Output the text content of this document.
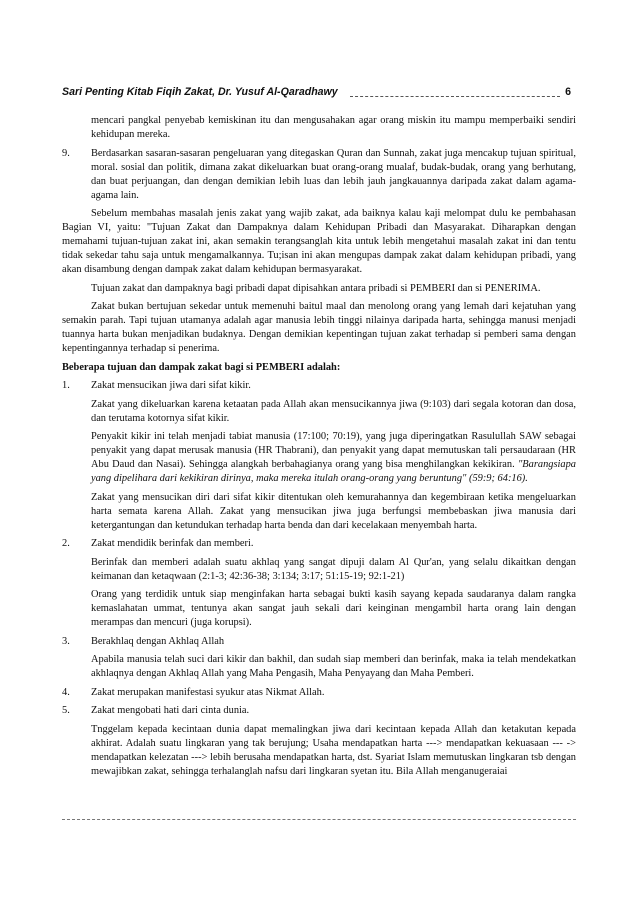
Sari Penting Kitab Fiqih Zakat, Dr. Yusuf Al-Qaradhawy	6

mencari pangkal penyebab kemiskinan itu dan mengusahakan agar orang miskin itu mampu memperbaiki sendiri kehidupan mereka.

9.	Berdasarkan sasaran-sasaran pengeluaran yang ditegaskan Quran dan Sunnah, zakat juga mencakup tujuan spiritual, moral. sosial dan politik, dimana zakat dikeluarkan buat orang-orang mualaf, budak-budak, orang yang berhutang, dan buat perjuangan, dan dengan demikian lebih luas dan lebih jauh jangkauannya daripada zakat dalam agama-agama lain.

Sebelum membahas masalah jenis zakat yang wajib zakat, ada baiknya kalau kaji melompat dulu ke pembahasan Bagian VI, yaitu: "Tujuan Zakat dan Dampaknya dalam Kehidupan Pribadi dan Masyarakat. Diharapkan dengan memahami tujuan-tujuan zakat ini, akan semakin terangsanglah kita untuk lebih mengetahui masalah zakat ini dan tentu tidak sekedar tahu saja untuk mengamalkannya. Tu;isan ini akan mengupas dampak zakat dalam kehidupan pribadi, yang akan disambung dengan dampak zakat dalam kehidupan bermasyarakat.

Tujuan zakat dan dampaknya bagi pribadi dapat dipisahkan antara pribadi si PEMBERI dan si PENERIMA.

Zakat bukan bertujuan sekedar untuk memenuhi baitul maal dan menolong orang yang lemah dari kejatuhan yang semakin parah. Tapi tujuan utamanya adalah agar manusia lebih tinggi nilainya daripada harta, sehingga manusi menjadi tuannya harta bukan menjadikan budaknya. Dengan demikian kepentingan tujuan zakat terhadap si pemberi sama dengan kepentingannya terhadap si penerima.

Beberapa tujuan dan dampak zakat bagi si PEMBERI adalah:

1.	Zakat mensucikan jiwa dari sifat kikir.

Zakat yang dikeluarkan karena ketaatan pada Allah akan mensucikannya jiwa (9:103) dari segala kotoran dan dosa, dan terutama kotornya sifat kikir.

Penyakit kikir ini telah menjadi tabiat manusia (17:100; 70:19), yang juga diperingatkan Rasulullah SAW sebagai penyakit yang dapat merusak manusia (HR Thabrani), dan penyakit yang dapat memutuskan tali persaudaraan (HR Abu Daud dan Nasai). Sehingga alangkah berbahagianya orang yang bisa menghilangkan kekikiran. "Barangsiapa yang dipelihara dari kekikiran dirinya, maka mereka itulah orang-orang yang beruntung" (59:9; 64:16).

Zakat yang mensucikan diri dari sifat kikir ditentukan oleh kemurahannya dan kegembiraan ketika mengeluarkan harta semata karena Allah. Zakat yang mensucikan jiwa juga berfungsi membebaskan jiwa manusia dari ketergantungan dan ketundukan terhadap harta benda dan dari kecelakaan menyembah harta.

2.	Zakat mendidik berinfak dan memberi.

Berinfak dan memberi adalah suatu akhlaq yang sangat dipuji dalam Al Qur'an, yang selalu dikaitkan dengan keimanan dan ketaqwaan (2:1-3; 42:36-38; 3:134; 3:17; 51:15-19; 92:1-21)

Orang yang terdidik untuk siap menginfakan harta sebagai bukti kasih sayang kepada saudaranya dalam rangka kemaslahatan ummat, tentunya akan sangat jauh sekali dari keinginan mengambil harta orang lain dengan merampas dan mencuri (juga korupsi).

3.	Berakhlaq dengan Akhlaq Allah

Apabila manusia telah suci dari kikir dan bakhil, dan sudah siap memberi dan berinfak, maka ia telah mendekatkan akhlaqnya dengan Akhlaq Allah yang Maha Pengasih, Maha Penyayang dan Maha Pemberi.

4.	Zakat merupakan manifestasi syukur atas Nikmat Allah.
5.	Zakat mengobati hati dari cinta dunia.

Tnggelam kepada kecintaan dunia dapat memalingkan jiwa dari kecintaan kepada Allah dan ketakutan kepada akhirat. Adalah suatu lingkaran yang tak berujung; Usaha mendapatkan harta ---> mendapatkan kekuasaan --- -> mendapatkan kelezatan ---> lebih berusaha mendapatkan harta, dst. Syariat Islam memutuskan lingkaran tsb dengan mewajibkan zakat, sehingga terhalanglah nafsu dari lingkaran syetan itu. Bila Allah menganugeraiai
